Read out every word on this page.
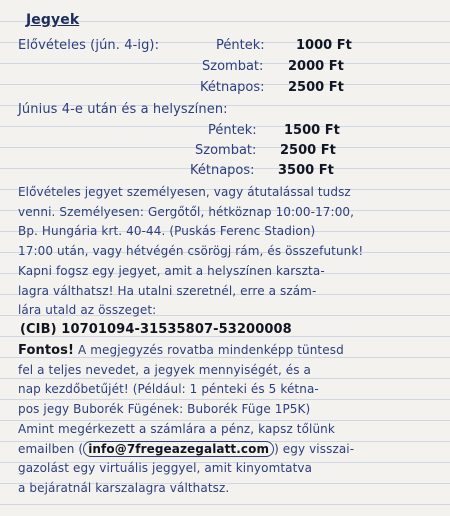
Jegyek
Elővételes (jún. 4-ig):	Péntek: 1000 Ft
Szombat: 2000 Ft
Kétnapos: 2500 Ft
Június 4-e után és a helyszínen:
Péntek: 1500 Ft
Szombat: 2500 Ft
Kétnapos: 3500 Ft
Elővételes jegyet személyesen, vagy átutalással tudsz
venni. Személyesen: Gergőtől, hétköznap 10:00-17:00,
Bp. Hungária krt. 40-44. (Puskás Ferenc Stadion)
17:00 után, vagy hétvégén csörögj rám, és összefutunk!
Kapni fogsz egy jegyet, amit a helyszínen karszta-
lagra válthatsz! Ha utalni szeretnél, erre a szám-
lára utald az összeget:
(CIB) 10701094-31535807-53200008
Fontos! A megjegyzés rovatba mindenképp tüntesd
fel a teljes nevedet, a jegyek mennyiségét, és a
nap kezdőbetűjét! (Például: 1 pénteki és 5 kétna-
pos jegy Buborék Fügének: Buborék Füge 1P5K)
Amint megérkezett a számlára a pénz, kapsz tőlünk
emailben ( info@7fregeazegalatt.com ) egy visszai-
gazolást egy virtuális jeggyel, amit kinyomtatva
a bejáratnál karszalagra válthatsz.
